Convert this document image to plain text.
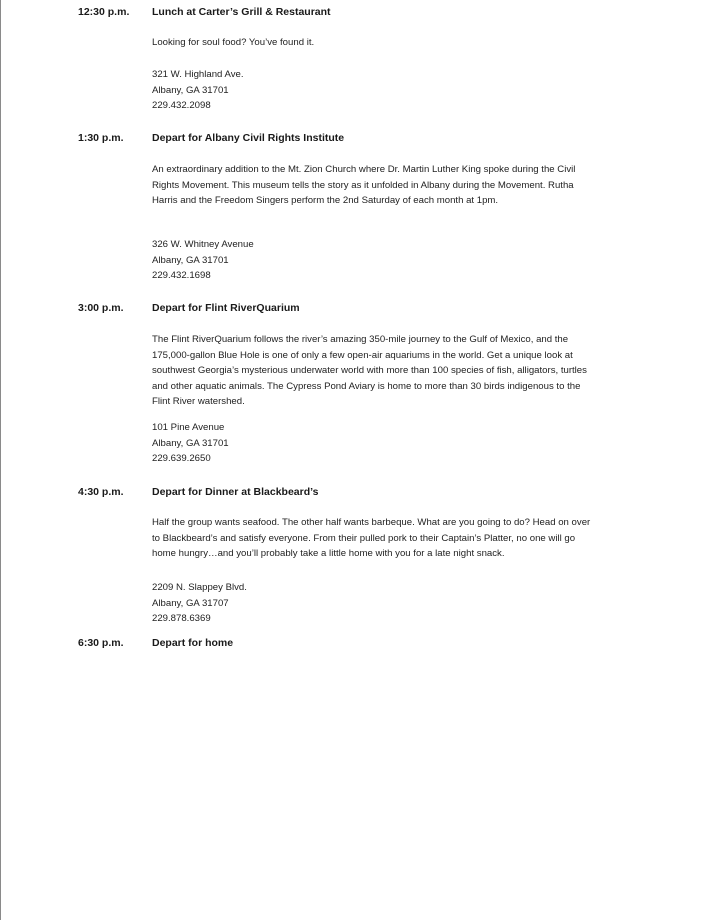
12:30 p.m. Lunch at Carter’s Grill & Restaurant
Looking for soul food? You’ve found it.
321 W. Highland Ave.
Albany, GA 31701
229.432.2098
1:30 p.m.	Depart for Albany Civil Rights Institute
An extraordinary addition to the Mt. Zion Church where Dr. Martin Luther King spoke during the Civil Rights Movement. This museum tells the story as it unfolded in Albany during the Movement. Rutha Harris and the Freedom Singers perform the 2nd Saturday of each month at 1pm.
326 W. Whitney Avenue
Albany, GA 31701
229.432.1698
3:00 p.m.	Depart for Flint RiverQuarium
The Flint RiverQuarium follows the river’s amazing 350-mile journey to the Gulf of Mexico, and the 175,000-gallon Blue Hole is one of only a few open-air aquariums in the world. Get a unique look at southwest Georgia’s mysterious underwater world with more than 100 species of fish, alligators, turtles and other aquatic animals. The Cypress Pond Aviary is home to more than 30 birds indigenous to the Flint River watershed.
101 Pine Avenue
Albany, GA 31701
229.639.2650
4:30 p.m.	Depart for Dinner at Blackbeard’s
Half the group wants seafood. The other half wants barbeque. What are you going to do? Head on over to Blackbeard’s and satisfy everyone. From their pulled pork to their Captain’s Platter, no one will go home hungry…and you’ll probably take a little home with you for a late night snack.
2209 N. Slappey Blvd.
Albany, GA 31707
229.878.6369
6:30 p.m.	Depart for home
